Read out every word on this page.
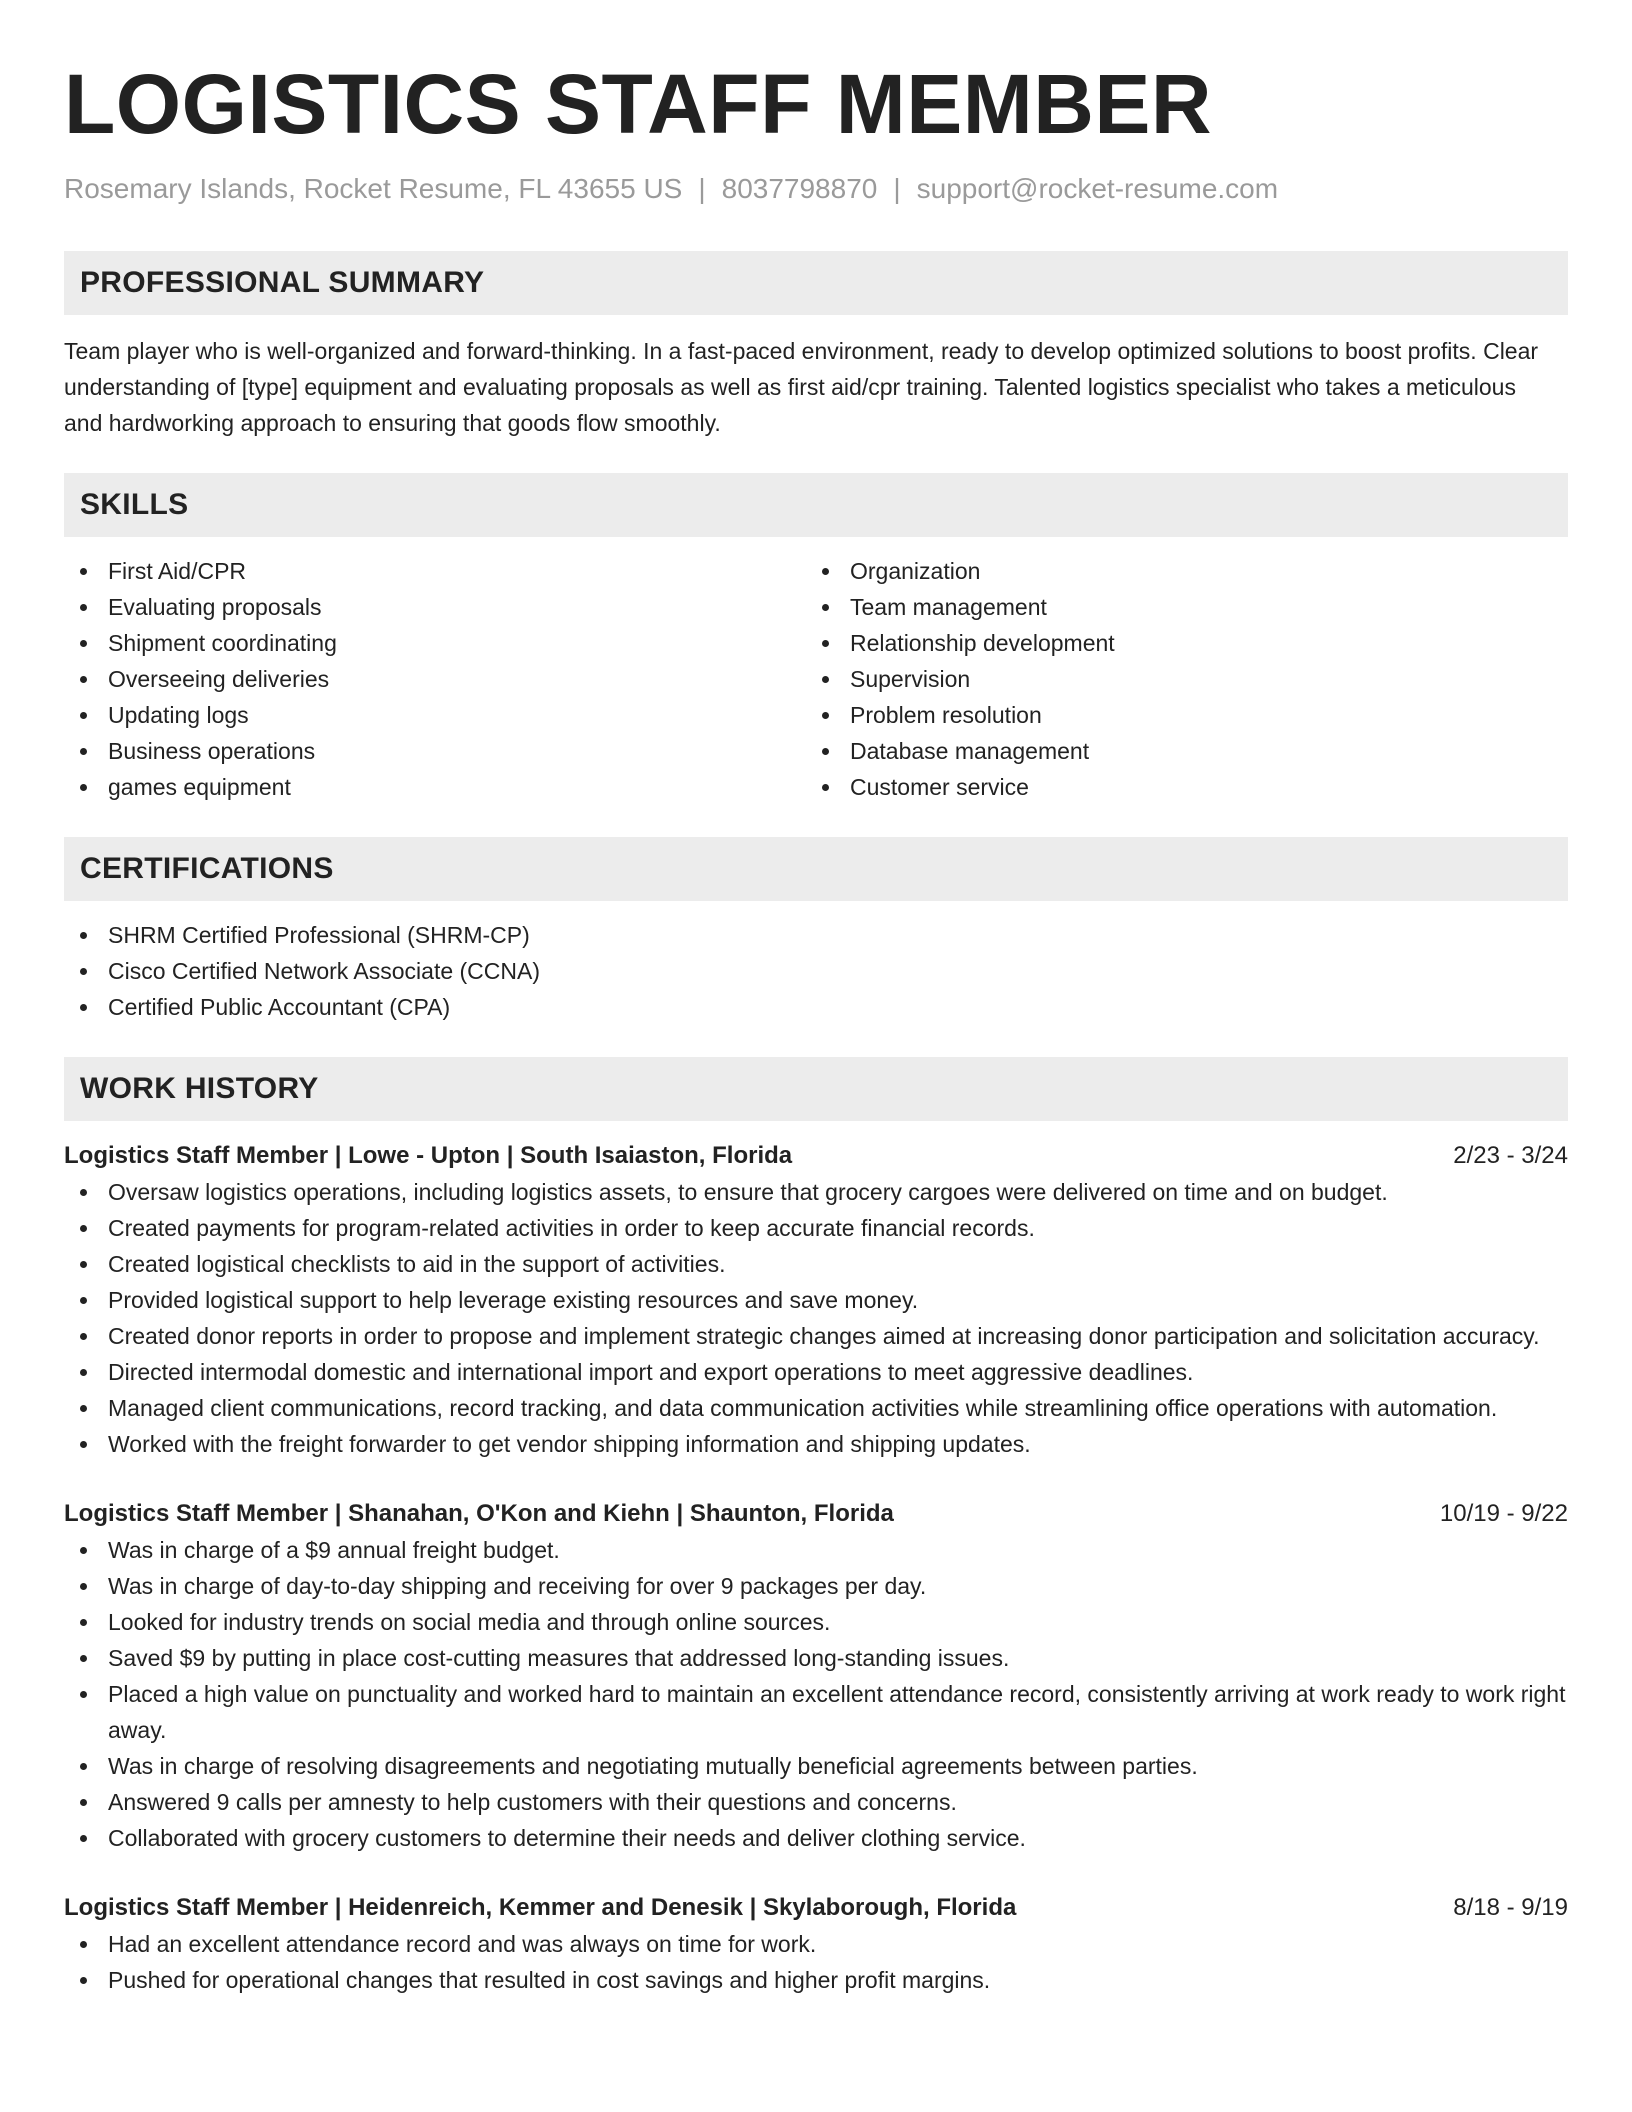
LOGISTICS STAFF MEMBER
Rosemary Islands, Rocket Resume, FL 43655 US | 8037798870 | support@rocket-resume.com
PROFESSIONAL SUMMARY
Team player who is well-organized and forward-thinking. In a fast-paced environment, ready to develop optimized solutions to boost profits. Clear understanding of [type] equipment and evaluating proposals as well as first aid/cpr training. Talented logistics specialist who takes a meticulous and hardworking approach to ensuring that goods flow smoothly.
SKILLS
First Aid/CPR
Evaluating proposals
Shipment coordinating
Overseeing deliveries
Updating logs
Business operations
games equipment
Organization
Team management
Relationship development
Supervision
Problem resolution
Database management
Customer service
CERTIFICATIONS
SHRM Certified Professional (SHRM-CP)
Cisco Certified Network Associate (CCNA)
Certified Public Accountant (CPA)
WORK HISTORY
Logistics Staff Member | Lowe - Upton | South Isaiaston, Florida	2/23 - 3/24
Oversaw logistics operations, including logistics assets, to ensure that grocery cargoes were delivered on time and on budget.
Created payments for program-related activities in order to keep accurate financial records.
Created logistical checklists to aid in the support of activities.
Provided logistical support to help leverage existing resources and save money.
Created donor reports in order to propose and implement strategic changes aimed at increasing donor participation and solicitation accuracy.
Directed intermodal domestic and international import and export operations to meet aggressive deadlines.
Managed client communications, record tracking, and data communication activities while streamlining office operations with automation.
Worked with the freight forwarder to get vendor shipping information and shipping updates.
Logistics Staff Member | Shanahan, O'Kon and Kiehn | Shaunton, Florida	10/19 - 9/22
Was in charge of a $9 annual freight budget.
Was in charge of day-to-day shipping and receiving for over 9 packages per day.
Looked for industry trends on social media and through online sources.
Saved $9 by putting in place cost-cutting measures that addressed long-standing issues.
Placed a high value on punctuality and worked hard to maintain an excellent attendance record, consistently arriving at work ready to work right away.
Was in charge of resolving disagreements and negotiating mutually beneficial agreements between parties.
Answered 9 calls per amnesty to help customers with their questions and concerns.
Collaborated with grocery customers to determine their needs and deliver clothing service.
Logistics Staff Member | Heidenreich, Kemmer and Denesik | Skylaborough, Florida	8/18 - 9/19
Had an excellent attendance record and was always on time for work.
Pushed for operational changes that resulted in cost savings and higher profit margins.
